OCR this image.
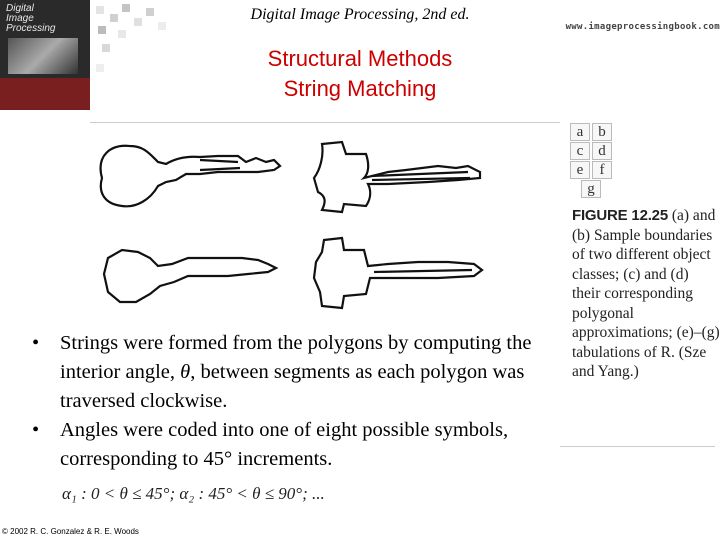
Digital
Image
Processing
Digital Image Processing, 2nd ed.
www.imageprocessingbook.com
Structural Methods
String Matching
a b
c d
e	f
g
FIGURE 12.25 (a) and (b) Sample boundaries of two different object classes; (c) and (d) their corresponding polygonal approximations; (e)–(g) tabulations of R. (Sze and Yang.)
• Strings were formed from the polygons by computing the interior angle, θ, between segments as each polygon was traversed clockwise.
• Angles were coded into one of eight possible symbols, corresponding to 45° increments.
α₁ : 0 < θ ≤ 45°; α₂ : 45° < θ ≤ 90°; ...
© 2002 R. C. Gonzalez & R. E. Woods
